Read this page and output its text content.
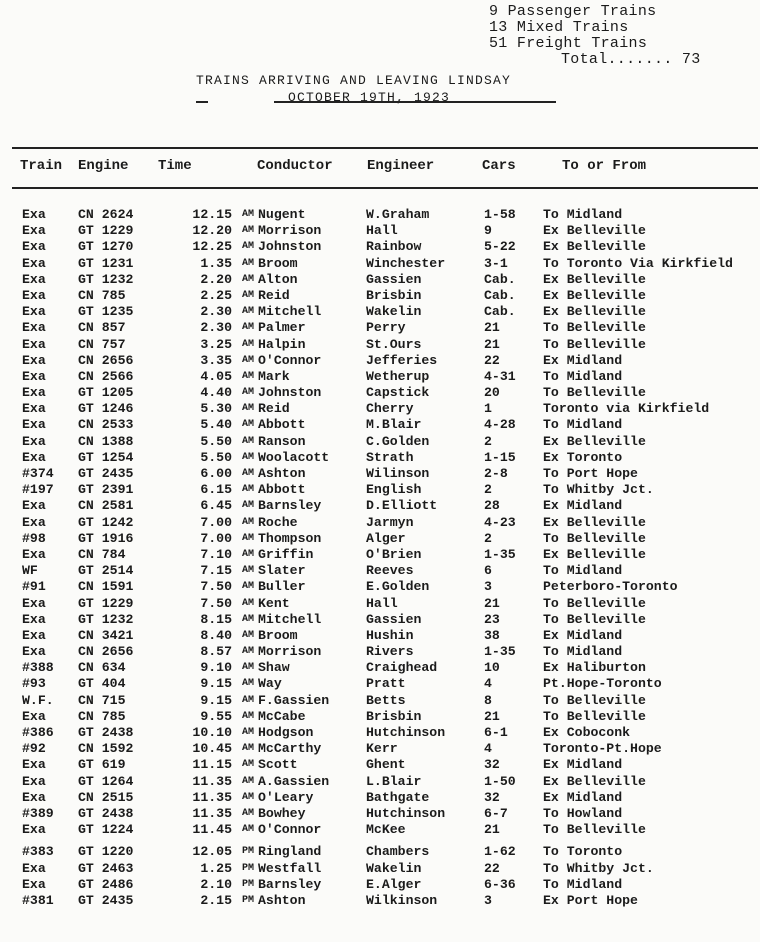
9 Passenger Trains
13 Mixed Trains
51 Freight Trains
Total....... 73
TRAINS ARRIVING AND LEAVING LINDSAY
OCTOBER 19TH, 1923
Train Engine Time	Conductor Engineer	Cars	To or From
Exa CN 2624	12.15 AM Nugent	W.Graham	1-58 To Midland
Exa GT 1229	12.20 AM Morrison	Hall	9	Ex Belleville
Exa GT 1270	12.25 AM Johnston	Rainbow	5-22 Ex Belleville
Exa GT 1231	1.35 AM Broom	Winchester	3-1	To Toronto Via Kirkfield
Exa GT 1232	2.20 AM Alton	Gassien	Cab. Ex Belleville
Exa CN 785	2.25 AM Reid	Brisbin	Cab. Ex Belleville
Exa GT 1235	2.30 AM Mitchell	Wakelin	Cab. Ex Belleville
Exa CN 857	2.30 AM Palmer	Perry	21	To Belleville
Exa CN 757	3.25 AM Halpin	St.Ours	21	To Belleville
Exa CN 2656	3.35 AM O'Connor	Jefferies	22	Ex Midland
Exa CN 2566	4.05 AM Mark	Wetherup	4-31 To Midland
Exa GT 1205	4.40 AM Johnston	Capstick	20	To Belleville
Exa GT 1246	5.30 AM Reid	Cherry	1	Toronto via Kirkfield
Exa CN 2533	5.40 AM Abbott	M.Blair	4-28 To Midland
Exa CN 1388	5.50 AM Ranson	C.Golden	2	Ex Belleville
Exa GT 1254	5.50 AM Woolacott	Strath	1-15 Ex Toronto
#374 GT 2435	6.00 AM Ashton	Wilinson	2-8	To Port Hope
#197 GT 2391	6.15 AM Abbott	English	2	To Whitby Jct.
Exa CN 2581	6.45 AM Barnsley	D.Elliott	28	Ex Midland
Exa GT 1242	7.00 AM Roche	Jarmyn	4-23 Ex Belleville
#98 GT 1916	7.00 AM Thompson	Alger	2	To Belleville
Exa CN 784	7.10 AM Griffin	O'Brien	1-35 Ex Belleville
WF	GT 2514	7.15 AM Slater	Reeves	6	To Midland
#91 CN 1591	7.50 AM Buller	E.Golden	3	Peterboro-Toronto
Exa GT 1229	7.50 AM Kent	Hall	21	To Belleville
Exa GT 1232	8.15 AM Mitchell	Gassien	23	To Belleville
Exa CN 3421	8.40 AM Broom	Hushin	38	Ex Midland
Exa CN 2656	8.57 AM Morrison	Rivers	1-35 To Midland
#388 CN 634	9.10 AM Shaw	Craighead	10	Ex Haliburton
#93 GT 404	9.15 AM Way	Pratt	4	Pt.Hope-Toronto
W.F. CN 715	9.15 AM F.Gassien	Betts	8	To Belleville
Exa CN 785	9.55 AM McCabe	Brisbin	21	To Belleville
#386 GT 2438	10.10 AM Hodgson	Hutchinson	6-1	Ex Coboconk
#92 CN 1592	10.45 AM McCarthy	Kerr	4	Toronto-Pt.Hope
Exa GT 619	11.15 AM Scott	Ghent	32	Ex Midland
Exa GT 1264	11.35 AM A.Gassien	L.Blair	1-50 Ex Belleville
Exa CN 2515	11.35 AM O'Leary	Bathgate	32	Ex Midland
#389 GT 2438	11.35 AM Bowhey	Hutchinson	6-7	To Howland
Exa GT 1224	11.45 AM O'Connor	McKee	21	To Belleville
#383 GT 1220	12.05 PM Ringland	Chambers	1-62 To Toronto
Exa GT 2463	1.25 PM Westfall	Wakelin	22	To Whitby Jct.
Exa GT 2486	2.10 PM Barnsley	E.Alger	6-36 To Midland
#381 GT 2435	2.15 PM Ashton	Wilkinson	3	Ex Port Hope
